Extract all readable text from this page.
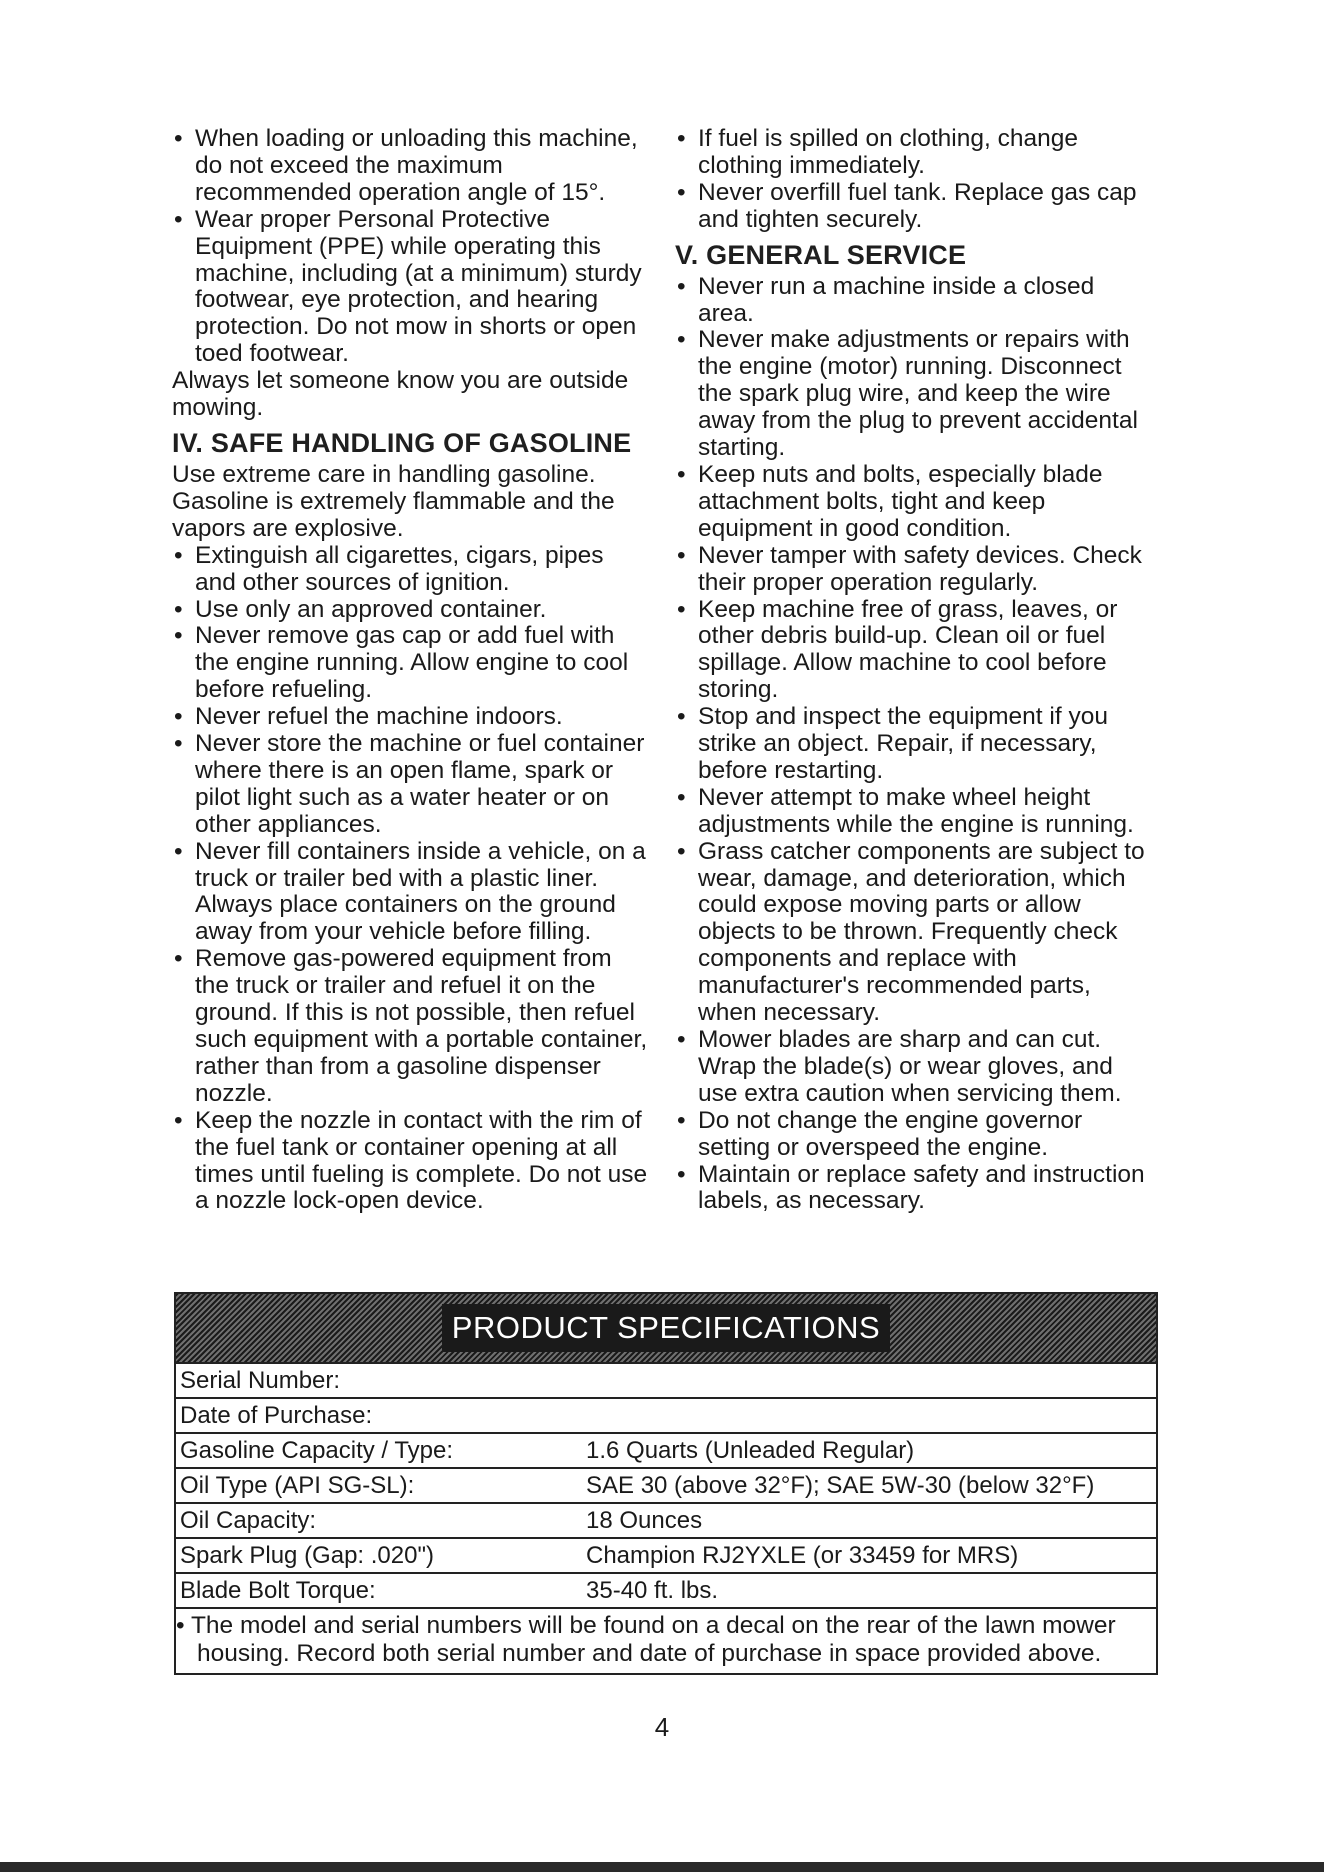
• When loading or unloading this machine, do not exceed the maximum recommended operation angle of 15°.
• Wear proper Personal Protective Equipment (PPE) while operating this machine, including (at a minimum) sturdy footwear, eye protection, and hearing protection. Do not mow in shorts or open toed footwear.

Always let someone know you are outside mowing.

IV. SAFE HANDLING OF GASOLINE

Use extreme care in handling gasoline. Gasoline is extremely flammable and the vapors are explosive.

• Extinguish all cigarettes, cigars, pipes and other sources of ignition.
• Use only an approved container.
• Never remove gas cap or add fuel with the engine running. Allow engine to cool before refueling.
• Never refuel the machine indoors.
• Never store the machine or fuel container where there is an open flame, spark or pilot light such as a water heater or on other appliances.
• Never fill containers inside a vehicle, on a truck or trailer bed with a plastic liner. Always place containers on the ground away from your vehicle before filling.
• Remove gas-powered equipment from the truck or trailer and refuel it on the ground. If this is not possible, then refuel such equipment with a portable container, rather than from a gasoline dispenser nozzle.
• Keep the nozzle in contact with the rim of the fuel tank or container opening at all times until fueling is complete. Do not use a nozzle lock-open device.
• If fuel is spilled on clothing, change clothing immediately.
• Never overfill fuel tank. Replace gas cap and tighten securely.
V. GENERAL SERVICE
• Never run a machine inside a closed area.
• Never make adjustments or repairs with the engine (motor) running. Disconnect the spark plug wire, and keep the wire away from the plug to prevent accidental starting.
• Keep nuts and bolts, especially blade attachment bolts, tight and keep equipment in good condition.
• Never tamper with safety devices. Check their proper operation regularly.
• Keep machine free of grass, leaves, or other debris build-up. Clean oil or fuel spillage. Allow machine to cool before storing.
• Stop and inspect the equipment if you strike an object. Repair, if necessary, before restarting.
• Never attempt to make wheel height adjustments while the engine is running.
• Grass catcher components are subject to wear, damage, and deterioration, which could expose moving parts or allow objects to be thrown. Frequently check components and replace with manufacturer's recommended parts, when necessary.
• Mower blades are sharp and can cut. Wrap the blade(s) or wear gloves, and use extra caution when servicing them.
• Do not change the engine governor setting or overspeed the engine.
• Maintain or replace safety and instruction labels, as necessary.
PRODUCT SPECIFICATIONS
Serial Number:	
Date of Purchase:	
Gasoline Capacity / Type:	1.6 Quarts (Unleaded Regular)
Oil Type (API SG-SL):	SAE 30 (above 32°F); SAE 5W-30 (below 32°F)
Oil Capacity:	18 Ounces
Spark Plug (Gap: .020")	Champion RJ2YXLE (or 33459 for MRS)
Blade Bolt Torque:	35-40 ft. lbs.
• The model and serial numbers will be found on a decal on the rear of the lawn mower
housing. Record both serial number and date of purchase in space provided above.
4
